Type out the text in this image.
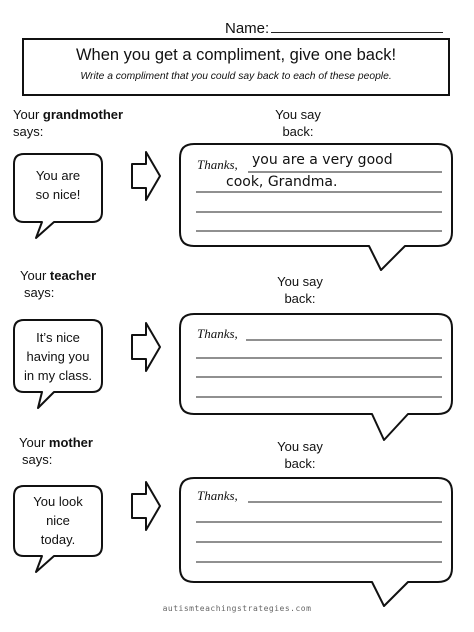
Name:
When you get a compliment, give one back!
Write a compliment that you could say back to each of these people.
Your grandmother
says:
You say
back:
You are
so nice!
Thanks, you are a very good
cook, Grandma.
Your teacher
says:
You say
back:
It’s nice
having you
in my class.
Thanks,
Your mother
says:
You say
back:
You look
nice
today.
Thanks,
autismteachingstrategies.com
